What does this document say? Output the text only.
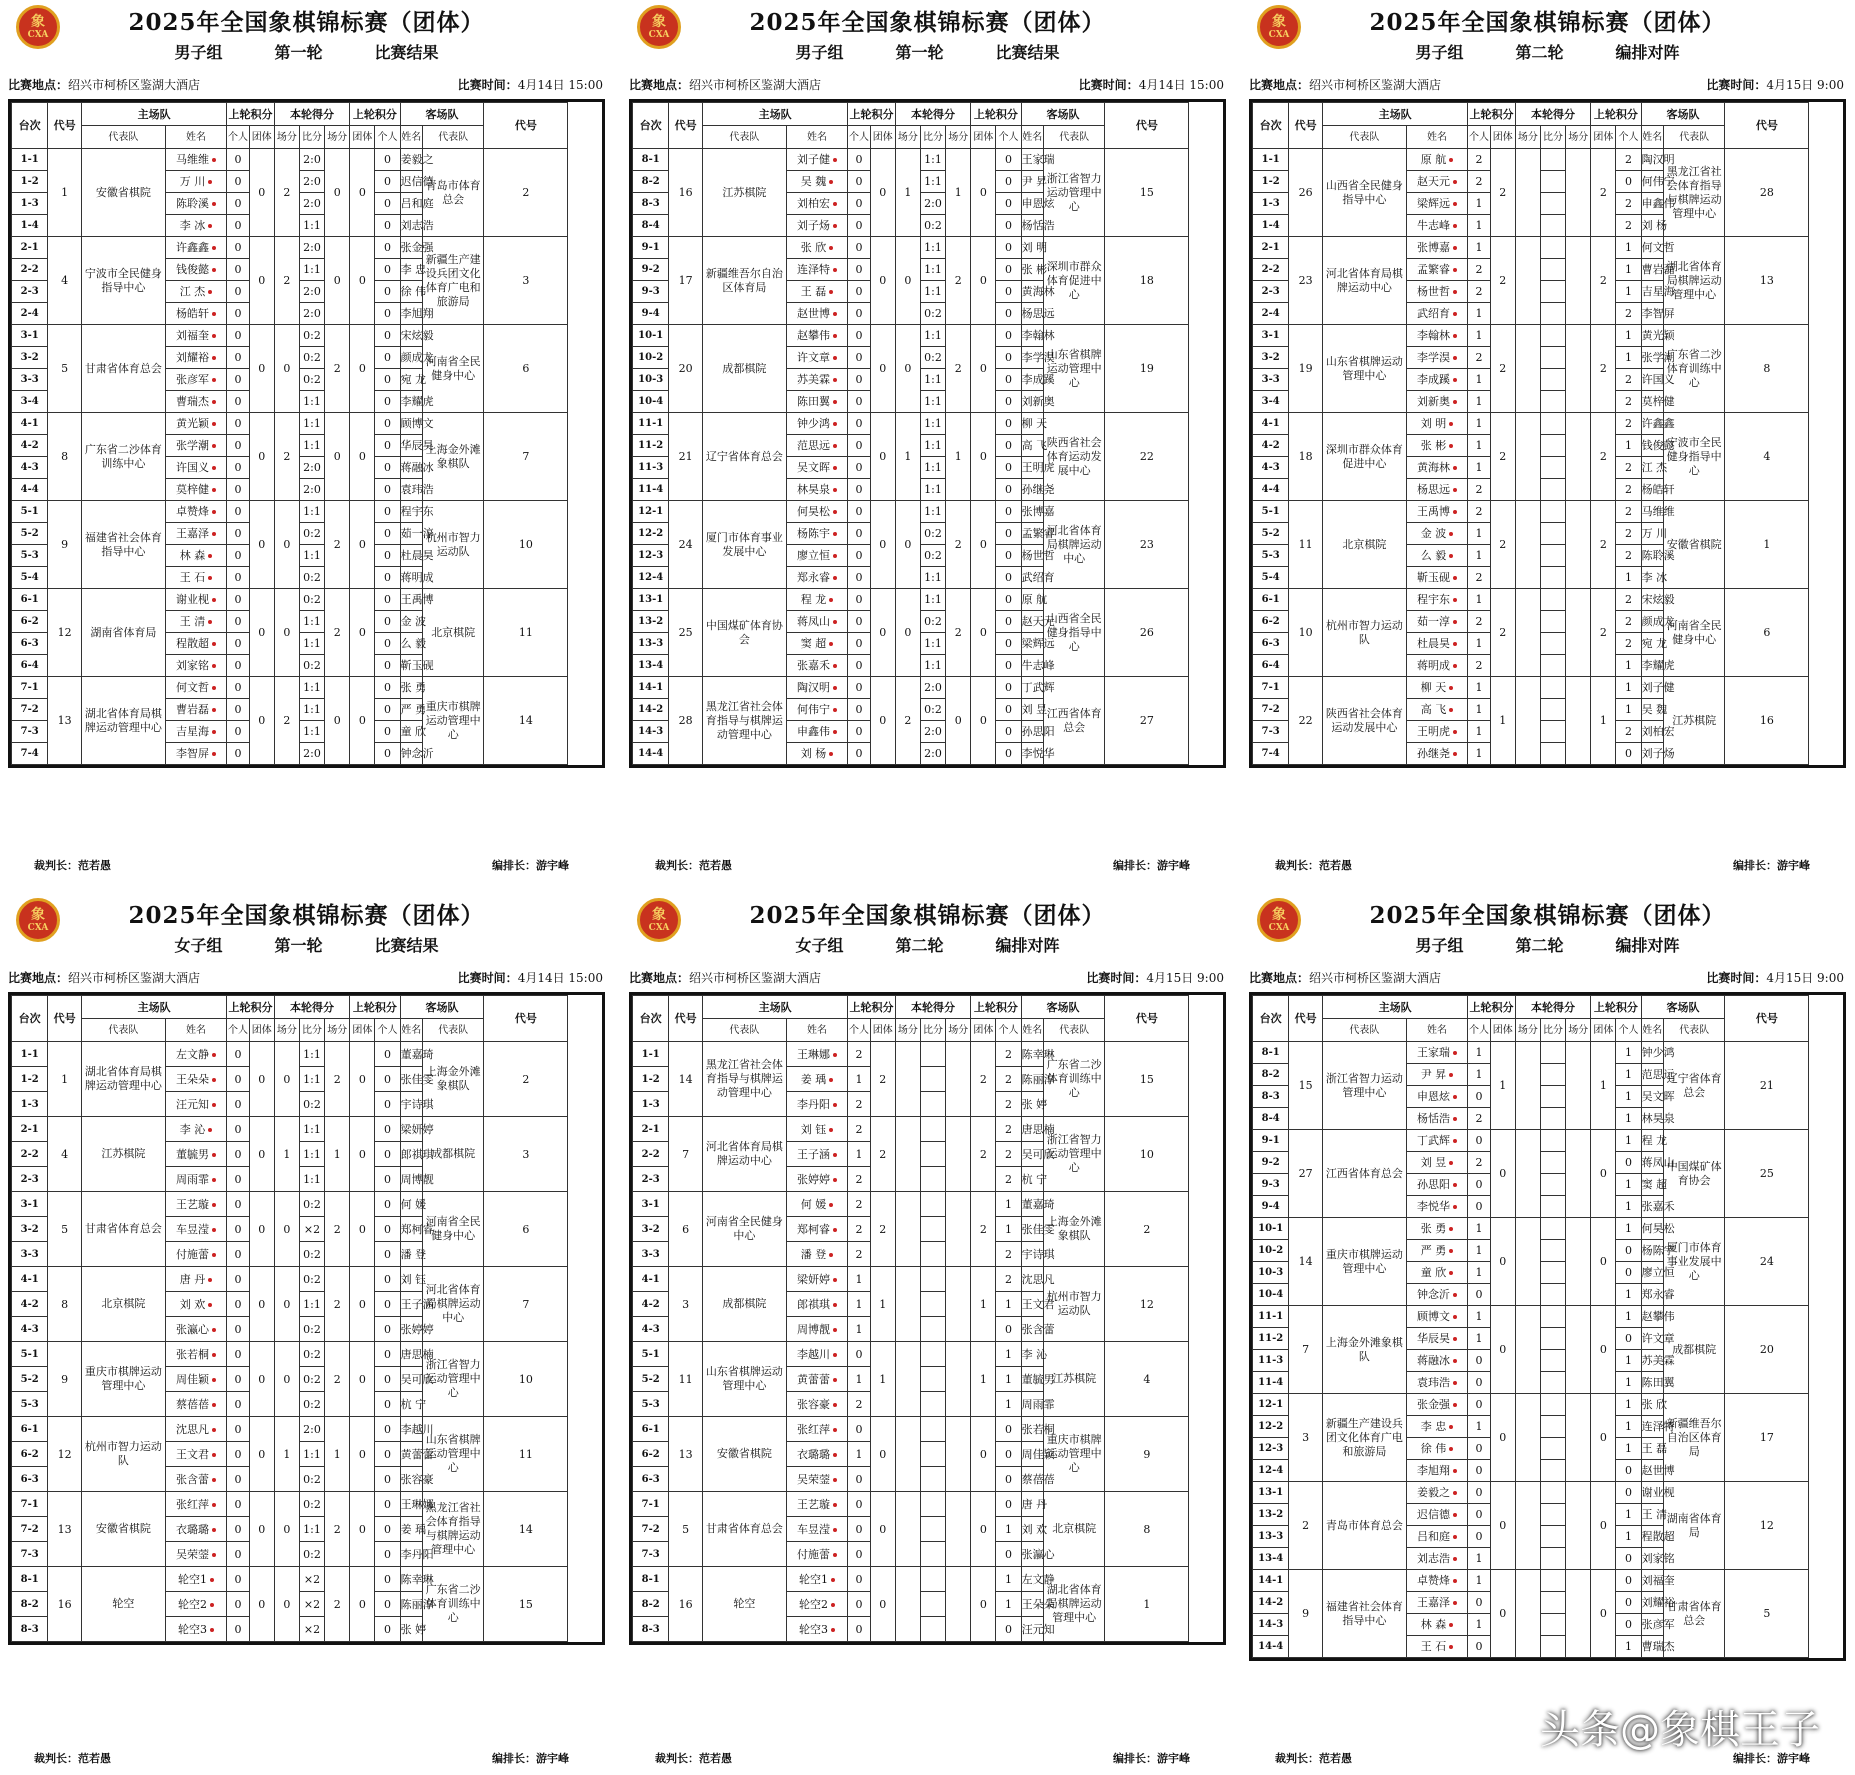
象
CXA	2025年全国象棋锦标赛（团体）
男子组	第一轮	比赛结果
比赛地点：绍兴市柯桥区鉴湖大酒店	比赛时间：4月14日 15:00
台次	代号	主场队		上轮积分		本轮得分			上轮积分		客场队		代号
		代表队	姓名	个人	团体	场分	比分	场分	团体	个人	姓名	代表队	
1-1	1	安徽省棋院	马维维	0	0	2	2:0	0	0	0	姜毅之	青岛市体育总会	2
1-2			万 川	0			2:0			0	迟信德		
1-3			陈聆溪	0			2:0			0	吕和庭		
1-4			李 冰	0			1:1			0	刘志浩		
2-1	4	宁波市全民健身指导中心	许鑫鑫	0	0	2	2:0	0	0	0	张金强	新疆生产建设兵团文化体育广电和旅游局	3
2-2			钱俊懿	0			1:1			0	李 忠		
2-3			江 杰	0			2:0			0	徐 伟		
2-4			杨皓轩	0			2:0			0	李旭翔		
3-1	5	甘肃省体育总会	刘福奎	0	0	0	0:2	2	0	0	宋炫毅	河南省全民健身中心	6
3-2			刘耀裕	0			0:2			0	颜成龙		
3-3			张彦军	0			0:2			0	宛 龙		
3-4			曹瑞杰	0			1:1			0	李耀虎		
4-1	8	广东省二沙体育训练中心	黄光颖	0	0	2	1:1	0	0	0	顾博文	上海金外滩象棋队	7
4-2			张学潮	0			1:1			0	华辰昊		
4-3			许国义	0			2:0			0	蒋融冰		
4-4			莫梓健	0			2:0			0	袁玮浩		
5-1	9	福建省社会体育指导中心	卓赞烽	0	0	0	1:1	2	0	0	程宇东	杭州市智力运动队	10
5-2			王嘉泽	0			0:2			0	茹一淳		
5-3			林 森	0			1:1			0	杜晨昊		
5-4			王 石	0			0:2			0	蒋明成		
6-1	12	湖南省体育局	谢业枧	0	0	0	0:2	2	0	0	王禹博	北京棋院	11
6-2			王 清	0			1:1			0	金 波		
6-3			程散超	0			1:1			0	么 毅		
6-4			刘家铭	0			0:2			0	靳玉砚		
7-1	13	湖北省体育局棋牌运动管理中心	何文哲	0	0	2	1:1	0	0	0	张 勇	重庆市棋牌运动管理中心	14
7-2			曹岩磊	0			1:1			0	严 勇		
7-3			吉星海	0			1:1			0	童 欣		
7-4			李智屏	0			2:0			0	钟念沂		
裁判长：范若愚	编排长：游宇峰
象
CXA	2025年全国象棋锦标赛（团体）
男子组	第一轮	比赛结果
比赛地点：绍兴市柯桥区鉴湖大酒店	比赛时间：4月14日 15:00
台次	代号	主场队		上轮积分		本轮得分			上轮积分		客场队		代号
		代表队	姓名	个人	团体	场分	比分	场分	团体	个人	姓名	代表队	
8-1	16	江苏棋院	刘子健	0	0	1	1:1	1	0	0	王家瑞	浙江省智力运动管理中心	15
8-2			吴 魏	0			1:1			0	尹 昇		
8-3			刘柏宏	0			2:0			0	申恩炫		
8-4			刘子炀	0			0:2			0	杨恬浩		
9-1	17	新疆维吾尔自治区体育局	张 欣	0	0	0	1:1	2	0	0	刘 明	深圳市群众体育促进中心	18
9-2			连泽特	0			1:1			0	张 彬		
9-3			王 磊	0			1:1			0	黄海林		
9-4			赵世博	0			0:2			0	杨思远		
10-1	20	成都棋院	赵攀伟	0	0	0	1:1	2	0	0	李翰林	山东省棋牌运动管理中心	19
10-2			许文章	0			0:2			0	李学淏		
10-3			苏美霖	0			1:1			0	李成蹊		
10-4			陈田翼	0			1:1			0	刘新奥		
11-1	21	辽宁省体育总会	钟少鸿	0	0	1	1:1	1	0	0	柳 天	陕西省社会体育运动发展中心	22
11-2			范思远	0			1:1			0	高 飞		
11-3			吴文晖	0			1:1			0	王明虎		
11-4			林昊泉	0			1:1			0	孙继尧		
12-1	24	厦门市体育事业发展中心	何昊松	0	0	0	1:1	2	0	0	张博嘉	河北省体育局棋牌运动中心	23
12-2			杨陈宇	0			0:2			0	孟繁睿		
12-3			廖立恒	0			0:2			0	杨世哲		
12-4			郑永睿	0			1:1			0	武绍育		
13-1	25	中国煤矿体育协会	程 龙	0	0	0	1:1	2	0	0	原 航	山西省全民健身指导中心	26
13-2			蒋凤山	0			0:2			0	赵天元		
13-3			窦 超	0			1:1			0	梁辉远		
13-4			张嘉禾	0			1:1			0	牛志峰		
14-1	28	黑龙江省社会体育指导与棋牌运动管理中心	陶汉明	0	0	2	2:0	0	0	0	丁武辉	江西省体育总会	27
14-2			何伟宁	0			0:2			0	刘 昱		
14-3			申鑫伟	0			2:0			0	孙思阳		
14-4			刘 杨	0			2:0			0	李悦华		
裁判长：范若愚	编排长：游宇峰
象
CXA	2025年全国象棋锦标赛（团体）
男子组	第二轮	编排对阵
比赛地点：绍兴市柯桥区鉴湖大酒店	比赛时间：4月15日 9:00
台次	代号	主场队		上轮积分		本轮得分			上轮积分		客场队		代号
		代表队	姓名	个人	团体	场分	比分	场分	团体	个人	姓名	代表队	
1-1	26	山西省全民健身指导中心	原 航	2	2				2	2	陶汉明	黑龙江省社会体育指导与棋牌运动管理中心	28
1-2			赵天元	2						0	何伟宁		
1-3			梁辉远	1						2	申鑫伟		
1-4			牛志峰	1						2	刘 杨		
2-1	23	河北省体育局棋牌运动中心	张博嘉	1	2				2	1	何文哲	湖北省体育局棋牌运动管理中心	13
2-2			孟繁睿	2						1	曹岩磊		
2-3			杨世哲	2						1	吉星海		
2-4			武绍育	1						2	李智屏		
3-1	19	山东省棋牌运动管理中心	李翰林	1	2				2	1	黄光颖	广东省二沙体育训练中心	8
3-2			李学淏	2						1	张学潮		
3-3			李成蹊	1						2	许国义		
3-4			刘新奥	1						2	莫梓健		
4-1	18	深圳市群众体育促进中心	刘 明	1	2				2	2	许鑫鑫	宁波市全民健身指导中心	4
4-2			张 彬	1						1	钱俊懿		
4-3			黄海林	1						2	江 杰		
4-4			杨思远	2						2	杨皓轩		
5-1	11	北京棋院	王禹博	2	2				2	2	马维维	安徽省棋院	1
5-2			金 波	1						2	万 川		
5-3			么 毅	1						2	陈聆溪		
5-4			靳玉砚	2						1	李 冰		
6-1	10	杭州市智力运动队	程宇东	1	2				2	2	宋炫毅	河南省全民健身中心	6
6-2			茹一淳	2						2	颜成龙		
6-3			杜晨昊	1						2	宛 龙		
6-4			蒋明成	2						1	李耀虎		
7-1	22	陕西省社会体育运动发展中心	柳 天	1	1				1	1	刘子健	江苏棋院	16
7-2			高 飞	1						1	吴 魏		
7-3			王明虎	1						2	刘柏宏		
7-4			孙继尧	1						0	刘子炀		
裁判长：范若愚	编排长：游宇峰
象
CXA	2025年全国象棋锦标赛（团体）
女子组	第一轮	比赛结果
比赛地点：绍兴市柯桥区鉴湖大酒店	比赛时间：4月14日 15:00
台次	代号	主场队		上轮积分		本轮得分			上轮积分		客场队		代号
		代表队	姓名	个人	团体	场分	比分	场分	团体	个人	姓名	代表队	
1-1	1	湖北省体育局棋牌运动管理中心	左文静	0	0	0	1:1	2	0	0	董嘉琦	上海金外滩象棋队	2
1-2			王朵朵	0			1:1			0	张佳雯		
1-3			汪元知	0			0:2			0	宇诗琪		
2-1	4	江苏棋院	李 沁	0	0	1	1:1	1	0	0	梁妍婷	成都棋院	3
2-2			董毓男	0			1:1			0	郎祺琪		
2-3			周雨霏	0			1:1			0	周博靓		
3-1	5	甘肃省体育总会	王艺璇	0	0	0	0:2	2	0	0	何 媛	河南省全民健身中心	6
3-2			车昱滢	0			×2			0	郑柯睿		
3-3			付施蕾	0			0:2			0	潘 登		
4-1	8	北京棋院	唐 丹	0	0	0	0:2	2	0	0	刘 钰	河北省体育局棋牌运动中心	7
4-2			刘 欢	0			1:1			0	王子涵		
4-3			张瀛心	0			0:2			0	张婷婷		
5-1	9	重庆市棋牌运动管理中心	张若桐	0	0	0	0:2	2	0	0	唐思楠	浙江省智力运动管理中心	10
5-2			周佳颖	0			0:2			0	吴可欣		
5-3			蔡蓓蓓	0			0:2			0	杭 宁		
6-1	12	杭州市智力运动队	沈思凡	0	0	1	2:0	1	0	0	李越川	山东省棋牌运动管理中心	11
6-2			王文君	0			1:1			0	黄蕾蕾		
6-3			张含蕾	0			0:2			0	张容豪		
7-1	13	安徽省棋院	张红萍	0	0	0	0:2	2	0	0	王琳娜	黑龙江省社会体育指导与棋牌运动管理中心	14
7-2			衣璐璐	0			1:1			0	姜 瑀		
7-3			吴荣蓥	0			0:2			0	李丹阳		
8-1	16	轮空	轮空1	0	0	0	×2	2	0	0	陈幸琳	广东省二沙体育训练中心	15
8-2			轮空2	0			×2			0	陈丽淳		
8-3			轮空3	0			×2			0	张 婷		
裁判长：范若愚	编排长：游宇峰
象
CXA	2025年全国象棋锦标赛（团体）
女子组	第二轮	编排对阵
比赛地点：绍兴市柯桥区鉴湖大酒店	比赛时间：4月15日 9:00
台次	代号	主场队		上轮积分		本轮得分			上轮积分		客场队		代号
		代表队	姓名	个人	团体	场分	比分	场分	团体	个人	姓名	代表队	
1-1	14	黑龙江省社会体育指导与棋牌运动管理中心	王琳娜	2	2				2	2	陈幸琳	广东省二沙体育训练中心	15
1-2			姜 瑀	1						2	陈丽淳		
1-3			李丹阳	2						2	张 婷		
2-1	7	河北省体育局棋牌运动中心	刘 钰	2	2				2	2	唐思楠	浙江省智力运动管理中心	10
2-2			王子涵	1						2	吴可欣		
2-3			张婷婷	2						2	杭 宁		
3-1	6	河南省全民健身中心	何 媛	2	2				2	1	董嘉琦	上海金外滩象棋队	2
3-2			郑柯睿	2						1	张佳雯		
3-3			潘 登	2						2	宇诗琪		
4-1	3	成都棋院	梁妍婷	1	1				1	2	沈思凡	杭州市智力运动队	12
4-2			郎祺琪	1						1	王文君		
4-3			周博靓	1						0	张含蕾		
5-1	11	山东省棋牌运动管理中心	李越川	0	1				1	1	李 沁	江苏棋院	4
5-2			黄蕾蕾	1						1	董毓男		
5-3			张容豪	2						1	周雨霏		
6-1	13	安徽省棋院	张红萍	0	0				0	0	张若桐	重庆市棋牌运动管理中心	9
6-2			衣璐璐	1						0	周佳颖		
6-3			吴荣蓥	0						0	蔡蓓蓓		
7-1	5	甘肃省体育总会	王艺璇	0	0				0	0	唐 丹	北京棋院	8
7-2			车昱滢	0						1	刘 欢		
7-3			付施蕾	0						0	张瀛心		
8-1	16	轮空	轮空1	0	0				0	1	左文静	湖北省体育局棋牌运动管理中心	1
8-2			轮空2	0						1	王朵朵		
8-3			轮空3	0						0	汪元知		
裁判长：范若愚	编排长：游宇峰
象
CXA	2025年全国象棋锦标赛（团体）
男子组	第二轮	编排对阵
比赛地点：绍兴市柯桥区鉴湖大酒店	比赛时间：4月15日 9:00
台次	代号	主场队		上轮积分		本轮得分			上轮积分		客场队		代号
		代表队	姓名	个人	团体	场分	比分	场分	团体	个人	姓名	代表队	
8-1	15	浙江省智力运动管理中心	王家瑞	1	1				1	1	钟少鸿	辽宁省体育总会	21
8-2			尹 昇	1						1	范思远		
8-3			申恩炫	0						1	吴文晖		
8-4			杨恬浩	2						1	林昊泉		
9-1	27	江西省体育总会	丁武辉	0	0				0	1	程 龙	中国煤矿体育协会	25
9-2			刘 昱	2						0	蒋凤山		
9-3			孙思阳	0						1	窦 超		
9-4			李悦华	0						1	张嘉禾		
10-1	14	重庆市棋牌运动管理中心	张 勇	1	0				0	1	何昊松	厦门市体育事业发展中心	24
10-2			严 勇	1						0	杨陈宇		
10-3			童 欣	1						0	廖立恒		
10-4			钟念沂	0						1	郑永睿		
11-1	7	上海金外滩象棋队	顾博文	1	0				0	1	赵攀伟	成都棋院	20
11-2			华辰昊	1						0	许文章		
11-3			蒋融冰	0						1	苏美霖		
11-4			袁玮浩	0						1	陈田翼		
12-1	3	新疆生产建设兵团文化体育广电和旅游局	张金强	0	0				0	1	张 欣	新疆维吾尔自治区体育局	17
12-2			李 忠	1						1	连泽特		
12-3			徐 伟	0						1	王 磊		
12-4			李旭翔	0						0	赵世博		
13-1	2	青岛市体育总会	姜毅之	0	0				0	0	谢业枧	湖南省体育局	12
13-2			迟信德	0						1	王 清		
13-3			吕和庭	0						1	程散超		
13-4			刘志浩	1						0	刘家铭		
14-1	9	福建省社会体育指导中心	卓赞烽	1	0				0	0	刘福奎	甘肃省体育总会	5
14-2			王嘉泽	0						0	刘耀裕		
14-3			林 森	1						0	张彦军		
14-4			王 石	0						1	曹瑞杰		
裁判长：范若愚	编排长：游宇峰
头条@象棋王子
